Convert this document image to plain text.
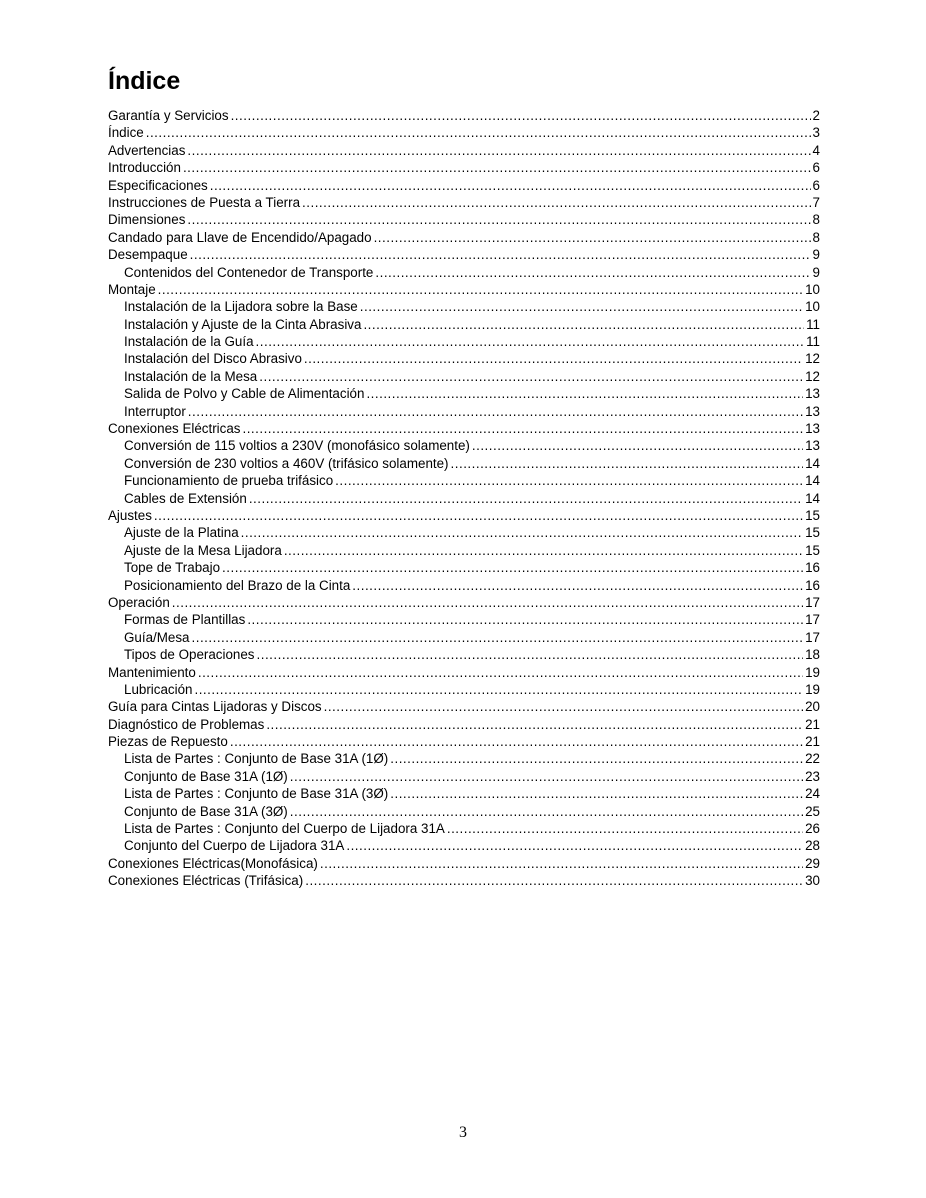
Índice
Garantía y Servicios .....	2
Índice .....	3
Advertencias .....	4
Introducción .....	6
Especificaciones .....	6
Instrucciones de Puesta a Tierra .....	7
Dimensiones .....	8
Candado para Llave de Encendido/Apagado .....	8
Desempaque .....	9
Contenidos del Contenedor de Transporte .....	9
Montaje .....	10
Instalación de la Lijadora sobre la Base .....	10
Instalación y Ajuste de la Cinta Abrasiva .....	11
Instalación de la Guía .....	11
Instalación del Disco Abrasivo .....	12
Instalación de la Mesa .....	12
Salida de Polvo y Cable de Alimentación .....	13
Interruptor .....	13
Conexiones Eléctricas .....	13
Conversión de 115 voltios a 230V (monofásico solamente) .....	13
Conversión de 230 voltios a 460V (trifásico solamente) .....	14
Funcionamiento de prueba trifásico .....	14
Cables de Extensión .....	14
Ajustes .....	15
Ajuste de la Platina .....	15
Ajuste de la Mesa Lijadora .....	15
Tope de Trabajo .....	16
Posicionamiento del Brazo de la Cinta .....	16
Operación .....	17
Formas de Plantillas .....	17
Guía/Mesa .....	17
Tipos de Operaciones .....	18
Mantenimiento .....	19
Lubricación .....	19
Guía para Cintas Lijadoras y Discos .....	20
Diagnóstico de Problemas .....	21
Piezas de Repuesto .....	21
Lista de Partes : Conjunto de Base 31A (1Ø) .....	22
Conjunto de Base 31A (1Ø) .....	23
Lista de Partes : Conjunto de Base 31A (3Ø) .....	24
Conjunto de Base 31A (3Ø) .....	25
Lista de Partes : Conjunto del Cuerpo de Lijadora 31A .....	26
Conjunto del Cuerpo de Lijadora 31A .....	28
Conexiones Eléctricas(Monofásica) .....	29
Conexiones Eléctricas (Trifásica) .....	30
3
